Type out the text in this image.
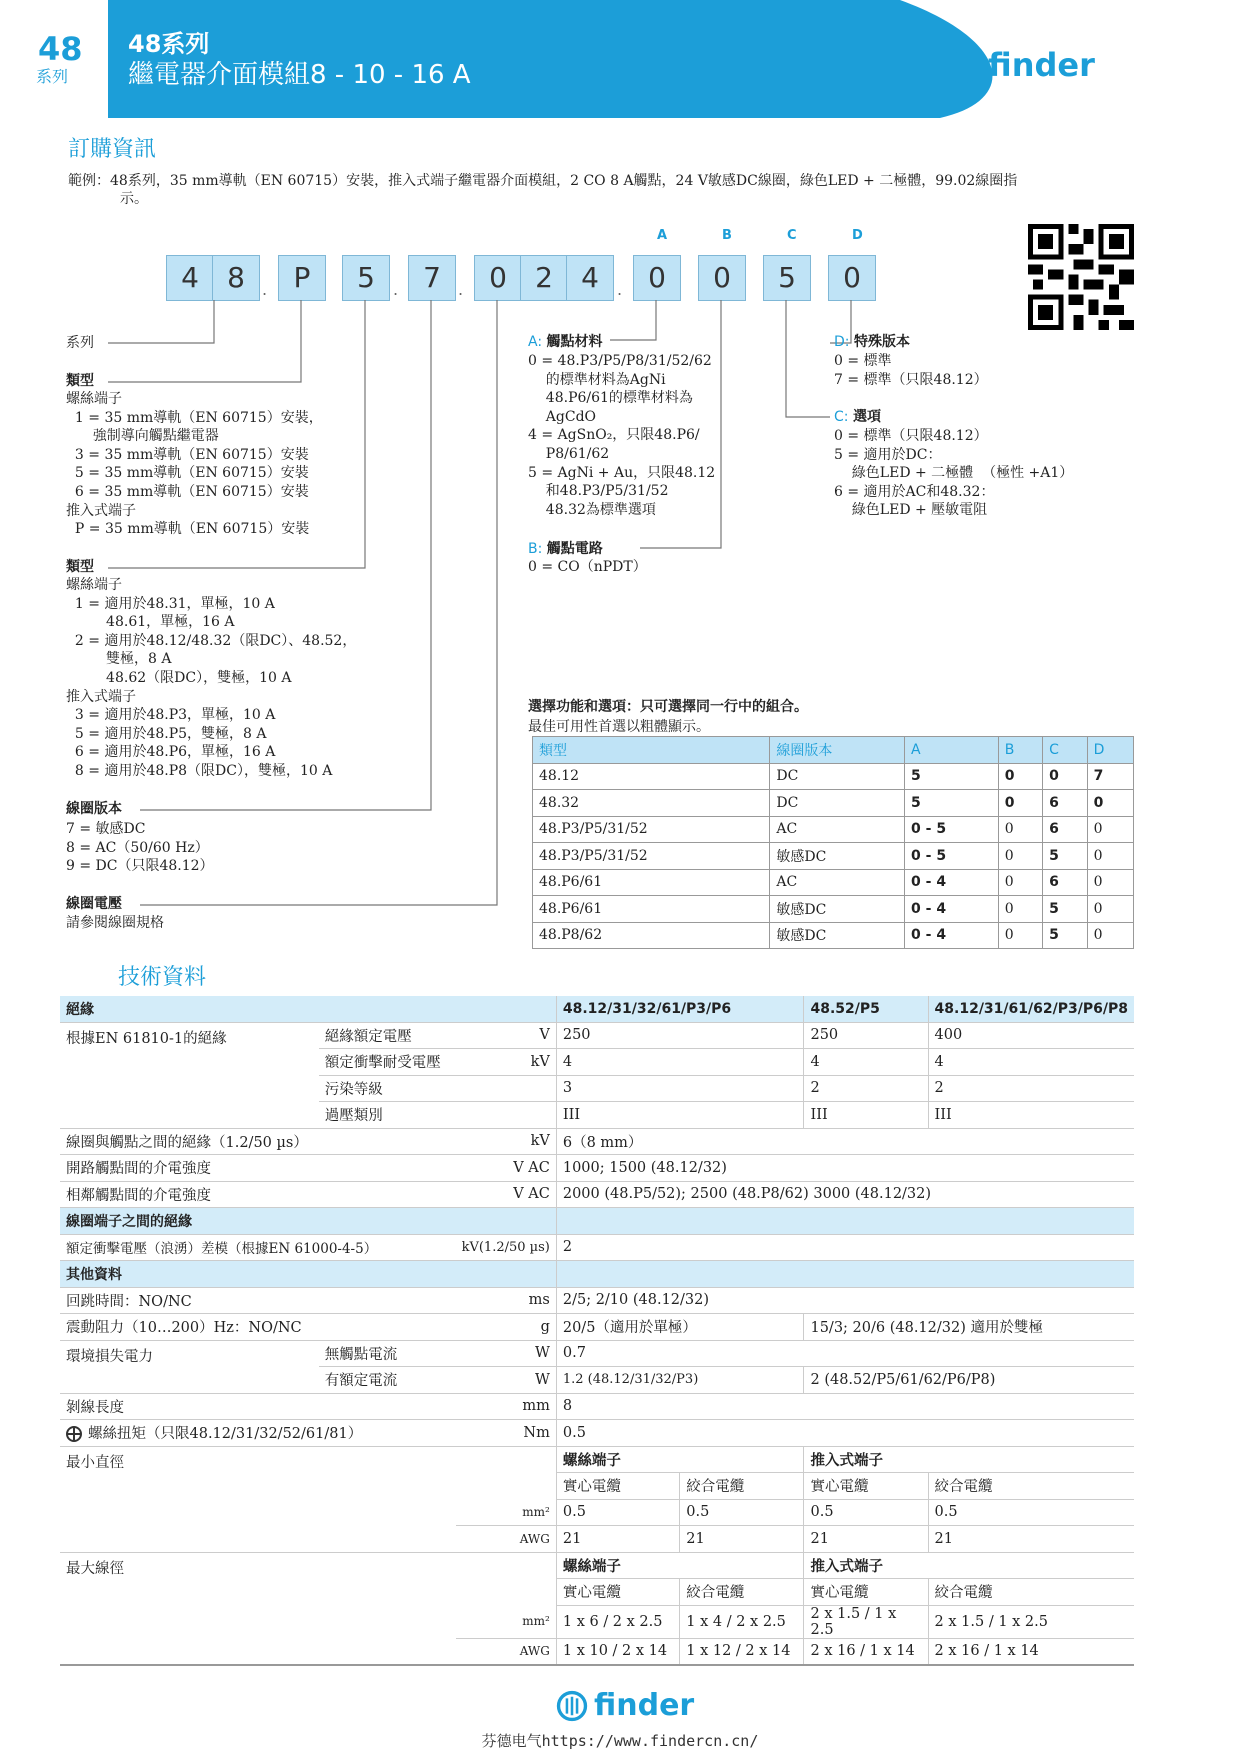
48
系列
48系列
繼電器介面模組8 - 10 - 16 A	finder
訂購資訊
範例：48系列，35 mm導軌（EN 60715）安裝，推入式端子繼電器介面模組，2 CO 8 A觸點，24 V敏感DC線圈，綠色LED + 二極體，99.02線圈指
示。
A	B	C	D
4	8	. P	5	. 7	. 0	2	4	. 0	0	5	0
系列
類型
螺絲端子
1 = 35 mm導軌（EN 60715）安裝，
強制導向觸點繼電器
3 = 35 mm導軌（EN 60715）安裝
5 = 35 mm導軌（EN 60715）安裝
6 = 35 mm導軌（EN 60715）安裝
推入式端子
P = 35 mm導軌（EN 60715）安裝
類型
螺絲端子
1 = 適用於48.31，單極，10 A
48.61，單極，16 A
2 = 適用於48.12/48.32（限DC）、48.52，
雙極，8 A
48.62（限DC），雙極，10 A
推入式端子
3 = 適用於48.P3，單極，10 A
5 = 適用於48.P5，雙極，8 A
6 = 適用於48.P6，單極，16 A
8 = 適用於48.P8（限DC），雙極，10 A
線圈版本
7 = 敏感DC
8 = AC（50/60 Hz）
9 = DC（只限48.12）
線圈電壓
請參閱線圈規格
A: 觸點材料
0 = 48.P3/P5/P8/31/52/62
的標準材料為AgNi
48.P6/61的標準材料為
AgCdO
4 = AgSnO₂，只限48.P6/
P8/61/62
5 = AgNi + Au，只限48.12
和48.P3/P5/31/52
48.32為標準選項
B: 觸點電路
0 = CO（nPDT）
D: 特殊版本
0 = 標準
7 = 標準（只限48.12）
C: 選項
0 = 標準（只限48.12）
5 = 適用於DC：
綠色LED + 二極體  （極性 +A1）
6 = 適用於AC和48.32：
綠色LED + 壓敏電阻
選擇功能和選項：只可選擇同一行中的組合。
最佳可用性首選以粗體顯示。
類型	線圈版本	A	B	C	D
48.12	DC	5	0	0	7
48.32	DC	5	0	6	0
48.P3/P5/31/52	AC	0 - 5	0	6	0
48.P3/P5/31/52	敏感DC	0 - 5	0	5	0
48.P6/61	AC	0 - 4	0	6	0
48.P6/61	敏感DC	0 - 4	0	5	0
48.P8/62	敏感DC	0 - 4	0	5	0
技術資料
絕緣			48.12/31/32/61/P3/P6		48.52/P5	48.12/31/61/62/P3/P6/P8
根據EN 61810-1的絕緣	絕緣額定電壓	V	250		250	400
	額定衝擊耐受電壓	kV	4		4	4
	污染等級		3		2	2
	過壓類別		III		III	III
線圈與觸點之間的絕緣（1.2/50 µs）		kV	6（8 mm）			
開路觸點間的介電強度		V AC	1000; 1500 (48.12/32)			
相鄰觸點間的介電強度		V AC	2000 (48.P5/52); 2500 (48.P8/62) 3000 (48.12/32)			
線圈端子之間的絕緣						
額定衝擊電壓（浪湧）差模（根據EN 61000-4-5）		kV(1.2/50 µs)	2			
其他資料						
回跳時間：NO/NC		ms	2/5; 2/10 (48.12/32)			
震動阻力（10…200）Hz：NO/NC		g	20/5（適用於單極）		15/3; 20/6 (48.12/32) 適用於雙極	
環境損失電力	無觸點電流	W	0.7			
	有額定電流	W	1.2 (48.12/31/32/P3)		2 (48.52/P5/61/62/P6/P8)	
剝線長度		mm	8			

螺絲扭矩（只限48.12/31/32/52/61/81）		Nm	0.5			
最小直徑			螺絲端子		推入式端子	
			實心電纜	絞合電纜	實心電纜	絞合電纜
		mm²	0.5	0.5	0.5	0.5
		AWG	21	21	21	21
最大線徑			螺絲端子		推入式端子	
			實心電纜	絞合電纜	實心電纜	絞合電纜
		mm²	1 x 6 / 2 x 2.5	1 x 4 / 2 x 2.5	2 x 1.5 / 1 x 2.5	2 x 1.5 / 1 x 2.5
		AWG	1 x 10 / 2 x 14	1 x 12 / 2 x 14	2 x 16 / 1 x 14	2 x 16 / 1 x 14
finder
芬德电气https://www.findercn.cn/
